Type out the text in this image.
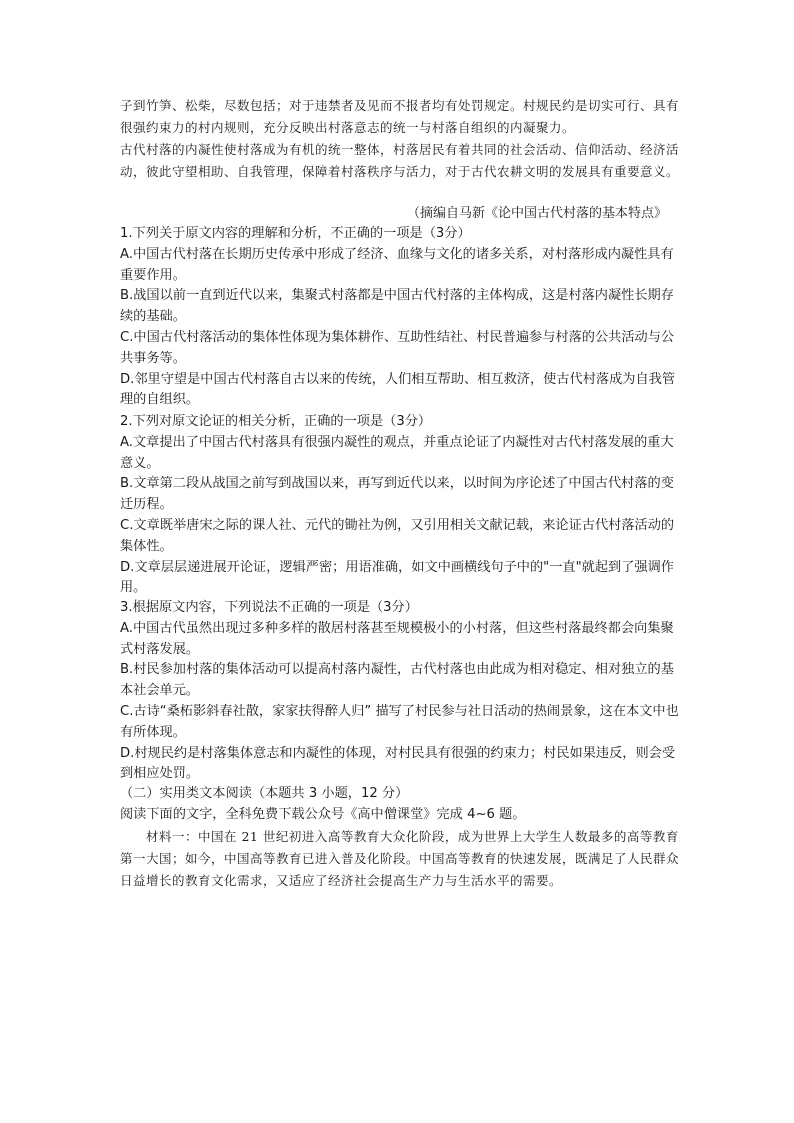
子到竹笋、松柴，尽数包括；对于违禁者及见而不报者均有处罚规定。村规民约是切实可行、具有很强约束力的村内规则，充分反映出村落意志的统一与村落自组织的内凝聚力。

古代村落的内凝性使村落成为有机的统一整体，村落居民有着共同的社会活动、信仰活动、经济活动，彼此守望相助、自我管理，保障着村落秩序与活力，对于古代农耕文明的发展具有重要意义。

（摘编自马新《论中国古代村落的基本特点》

1.下列关于原文内容的理解和分析，不正确的一项是（3分）

A.中国古代村落在长期历史传承中形成了经济、血缘与文化的诸多关系，对村落形成内凝性具有重要作用。

B.战国以前一直到近代以来，集聚式村落都是中国古代村落的主体构成，这是村落内凝性长期存续的基础。

C.中国古代村落活动的集体性体现为集体耕作、互助性结社、村民普遍参与村落的公共活动与公共事务等。

D.邻里守望是中国古代村落自古以来的传统，人们相互帮助、相互救济，使古代村落成为自我管理的自组织。

2.下列对原文论证的相关分析，正确的一项是（3分）

A.文章提出了中国古代村落具有很强内凝性的观点，并重点论证了内凝性对古代村落发展的重大意义。

B.文章第二段从战国之前写到战国以来，再写到近代以来，以时间为序论述了中国古代村落的变迁历程。

C.文章既举唐宋之际的课人社、元代的锄社为例，又引用相关文献记载，来论证古代村落活动的集体性。

D.文章层层递进展开论证，逻辑严密；用语准确，如文中画横线句子中的"一直"就起到了强调作用。

3.根据原文内容，下列说法不正确的一项是（3分）

A.中国古代虽然出现过多种多样的散居村落甚至规模极小的小村落，但这些村落最终都会向集聚式村落发展。

B.村民参加村落的集体活动可以提高村落内凝性，古代村落也由此成为相对稳定、相对独立的基本社会单元。

C.古诗“桑柘影斜春社散，家家扶得醉人归” 描写了村民参与社日活动的热闹景象，这在本文中也有所体现。

D.村规民约是村落集体意志和内凝性的体现，对村民具有很强的约束力；村民如果违反，则会受到相应处罚。

（二）实用类文本阅读（本题共 3 小题，12 分）

阅读下面的文字，全科免费下载公众号《高中僧课堂》完成 4~6 题。

材料一：中国在 21 世纪初进入高等教育大众化阶段，成为世界上大学生人数最多的高等教育第一大国；如今，中国高等教育已进入普及化阶段。中国高等教育的快速发展，既满足了人民群众日益增长的教育文化需求，又适应了经济社会提高生产力与生活水平的需要。
